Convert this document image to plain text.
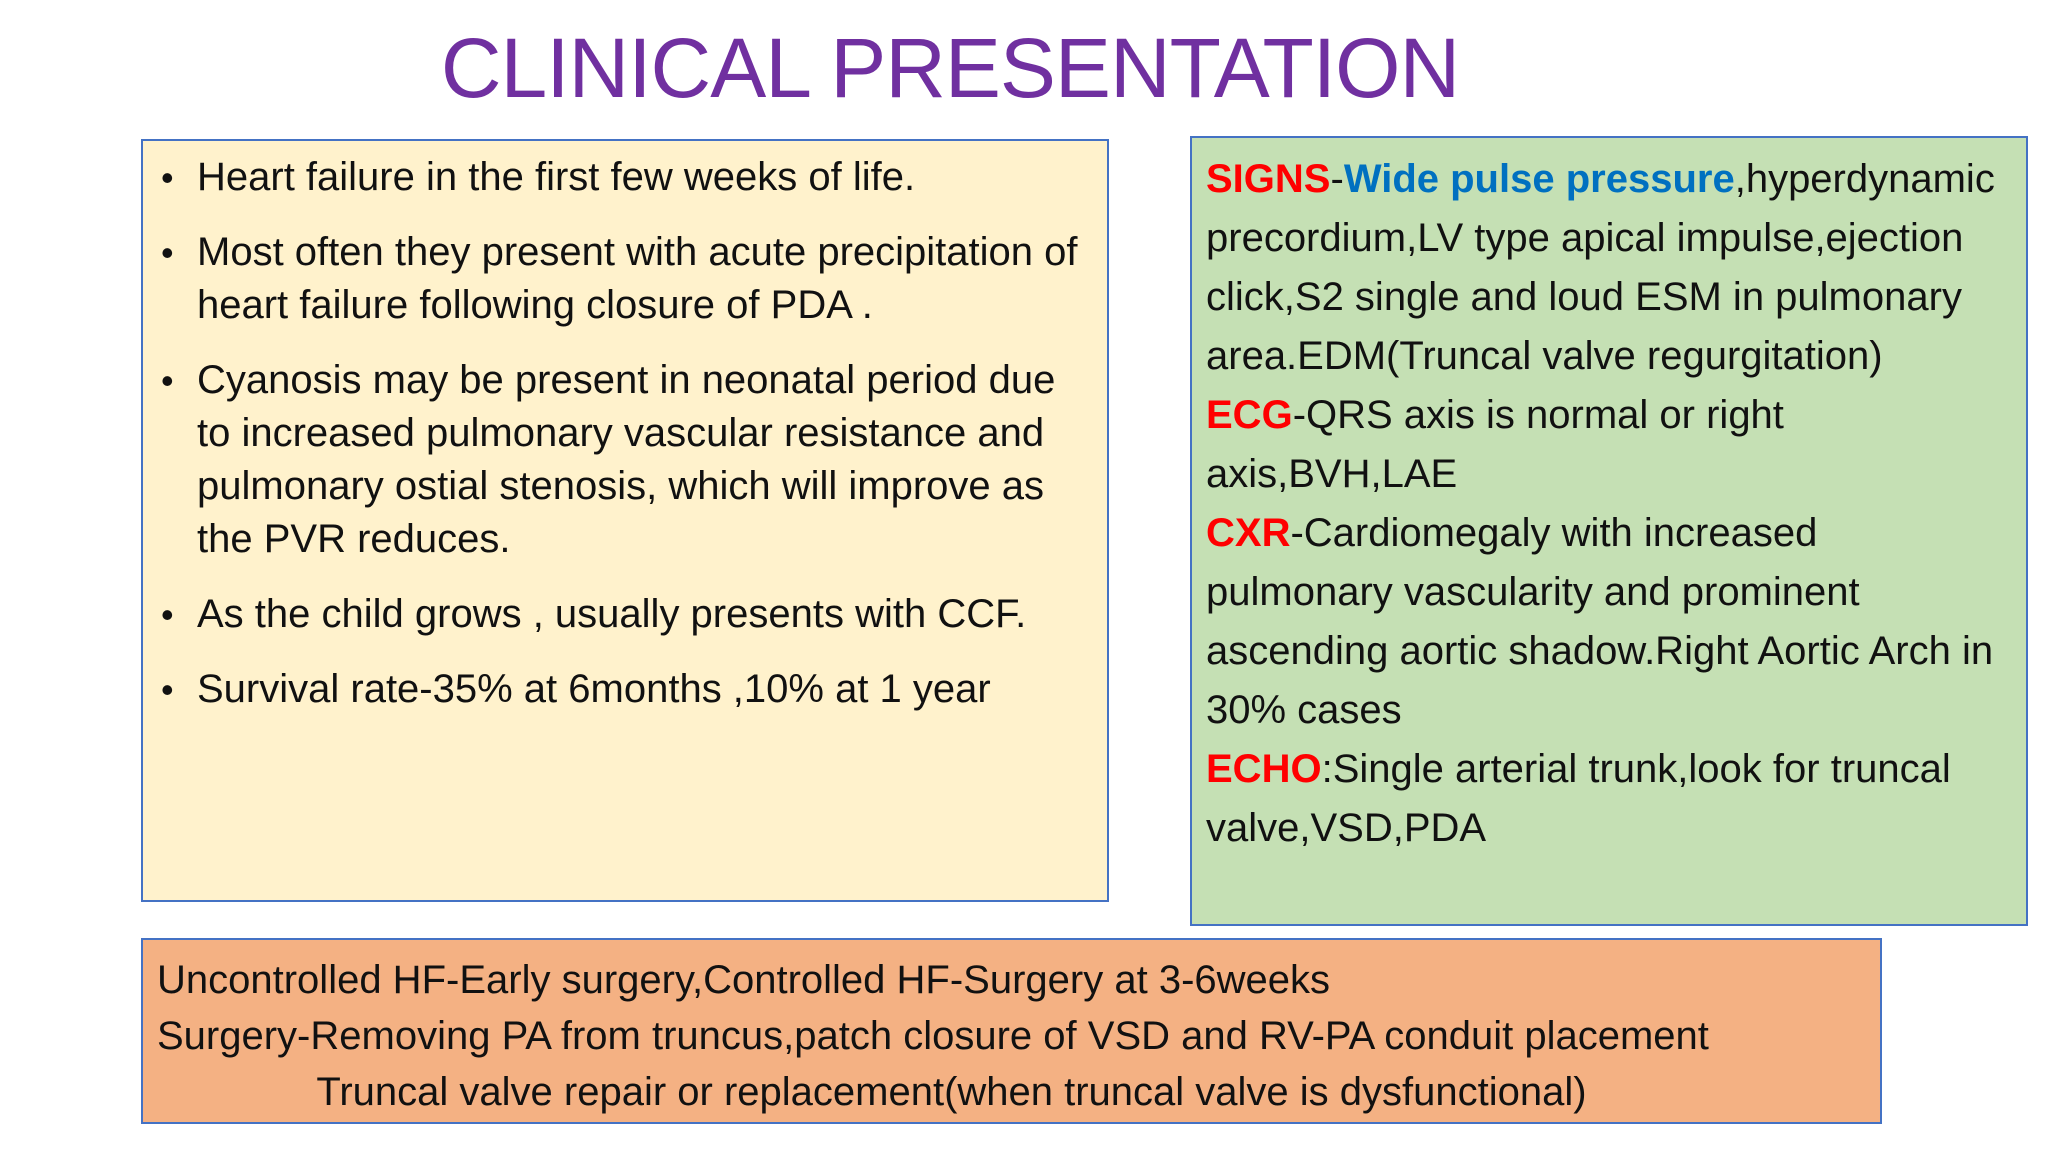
CLINICAL PRESENTATION
• Heart failure in the first few weeks of life.
• Most often they present with acute precipitation of heart failure following closure of PDA .
• Cyanosis may be present in neonatal period due to increased pulmonary vascular resistance and pulmonary ostial stenosis, which will improve as the PVR reduces.
• As the child grows , usually presents with CCF.
• Survival rate-35% at 6months ,10% at 1 year

SIGNS-Wide pulse pressure,hyperdynamic precordium,LV type apical impulse,ejection click,S2 single and loud ESM in pulmonary area.EDM(Truncal valve regurgitation)

ECG-QRS axis is normal or right axis,BVH,LAE

CXR-Cardiomegaly with increased pulmonary vascularity and prominent ascending aortic shadow.Right Aortic Arch in 30% cases

ECHO:Single arterial trunk,look for truncal valve,VSD,PDA

Uncontrolled HF-Early surgery,Controlled HF-Surgery at 3-6weeks

Surgery-Removing PA from truncus,patch closure of VSD and RV-PA conduit placement

Truncal valve repair or replacement(when truncal valve is dysfunctional)
